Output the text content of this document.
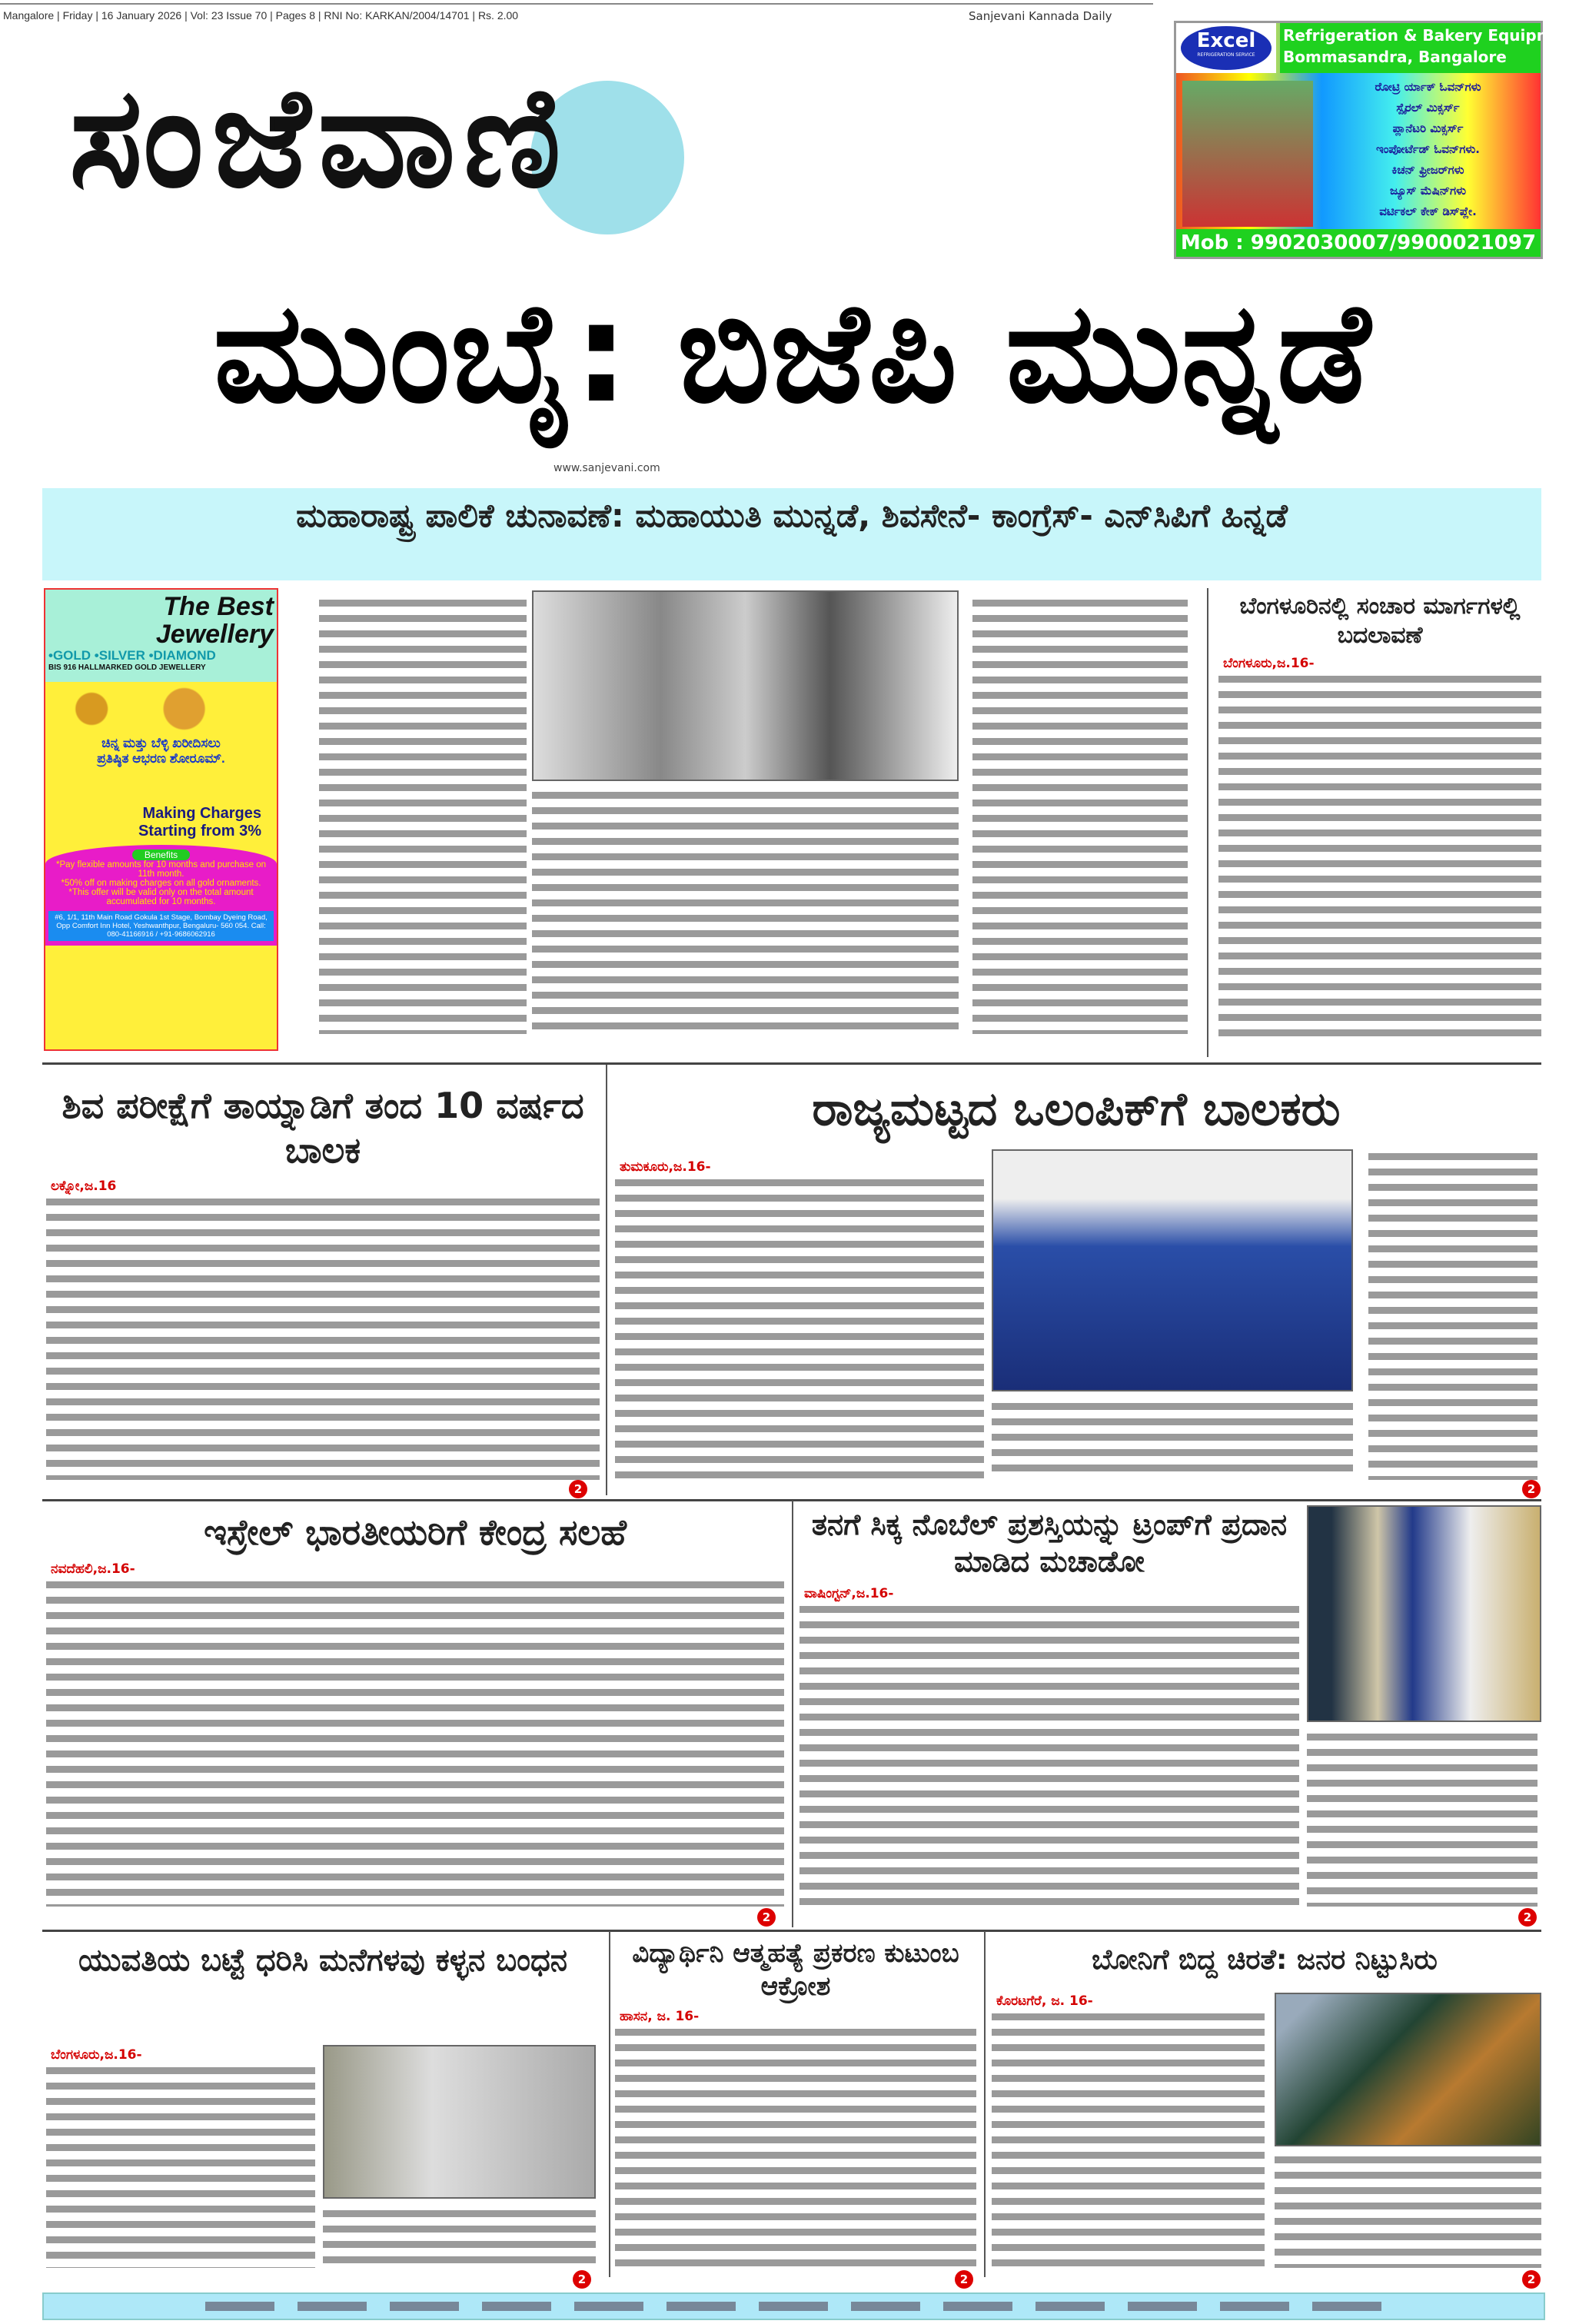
Mangalore | Friday | 16 January 2026 | Vol: 23 Issue 70 | Pages 8 | RNI No: KARKAN/2004/14701 | Rs. 2.00	Sanjevani Kannada Daily
ಸಂಜೆವಾಣಿ
Excel
REFRIGERATION SERVICE
Refrigeration & Bakery Equipment
Bommasandra, Bangalore
ರೋಟ್ರಿ ರ್ಯಾಕ್ ಓವನ್‌ಗಳು
ಸ್ಪೈರಲ್ ಮಿಕ್ಸರ್ಸ್
ಪ್ಲಾನೆಟರಿ ಮಿಕ್ಸರ್ಸ್
ಇಂಪೋರ್ಟೆಡ್ ಓವನ್‌ಗಳು.
ಕಿಚನ್ ಫ್ರೀಜರ್‌ಗಳು
ಜ್ಯೂಸ್ ಮೆಷಿನ್‌ಗಳು
ವರ್ಟಿಕಲ್ ಕೇಕ್ ಡಿಸ್‌ಪ್ಲೇ.
Mob : 9902030007/9900021097
ಮುಂಬೈ: ಬಿಜೆಪಿ ಮುನ್ನಡೆ
www.sanjevani.com
ಮಹಾರಾಷ್ಟ್ರ ಪಾಲಿಕೆ ಚುನಾವಣೆ: ಮಹಾಯುತಿ ಮುನ್ನಡೆ, ಶಿವಸೇನೆ- ಕಾಂಗ್ರೆಸ್- ಎನ್‌ಸಿಪಿಗೆ ಹಿನ್ನಡೆ
The Best
Jewellery
•GOLD •SILVER •DIAMOND
BIS 916 HALLMARKED GOLD JEWELLERY
ಚಿನ್ನ ಮತ್ತು ಬೆಳ್ಳಿ ಖರೀದಿಸಲು
ಪ್ರತಿಷ್ಠಿತ ಆಭರಣ ಶೋರೂಮ್.
Making Charges
Starting from 3%
Benefits
*Pay flexible amounts for 10 months and purchase on 11th month.
*50% off on making charges on all gold ornaments.
*This offer will be valid only on the total amount accumulated for 10 months.
#6, 1/1, 11th Main Road Gokula 1st Stage, Bombay Dyeing Road, Opp Comfort Inn Hotel, Yeshwanthpur, Bengaluru- 560 054. Call: 080-41166916 / +91-9686062916
ಬೆಂಗಳೂರಿನಲ್ಲಿ ಸಂಚಾರ ಮಾರ್ಗಗಳಲ್ಲಿ ಬದಲಾವಣೆ
ಬೆಂಗಳೂರು,ಜ.16-
ಶಿವ ಪರೀಕ್ಷೆಗೆ ತಾಯ್ನಾಡಿಗೆ ತಂದ 10 ವರ್ಷದ ಬಾಲಕ
ಲಕ್ನೋ,ಜ.16
ರಾಜ್ಯಮಟ್ಟದ ಒಲಂಪಿಕ್‌ಗೆ ಬಾಲಕರು
ತುಮಕೂರು,ಜ.16-
ಇಸ್ರೇಲ್ ಭಾರತೀಯರಿಗೆ ಕೇಂದ್ರ ಸಲಹೆ
ನವದೆಹಲಿ,ಜ.16-
ತನಗೆ ಸಿಕ್ಕ ನೊಬೆಲ್ ಪ್ರಶಸ್ತಿಯನ್ನು ಟ್ರಂಪ್‌ಗೆ ಪ್ರದಾನ ಮಾಡಿದ ಮಚಾಡೋ
ವಾಷಿಂಗ್ಟನ್,ಜ.16-
ಯುವತಿಯ ಬಟ್ಟೆ ಧರಿಸಿ ಮನೆಗಳವು ಕಳ್ಳನ ಬಂಧನ
ಬೆಂಗಳೂರು,ಜ.16-
ವಿದ್ಯಾರ್ಥಿನಿ ಆತ್ಮಹತ್ಯೆ ಪ್ರಕರಣ ಕುಟುಂಬ ಆಕ್ರೋಶ
ಹಾಸನ, ಜ. 16-
ಬೋನಿಗೆ ಬಿದ್ದ ಚಿರತೆ: ಜನರ ನಿಟ್ಟುಸಿರು
ಕೊರಟಗೆರೆ, ಜ. 16-
2	2
2	2
2	2	2
